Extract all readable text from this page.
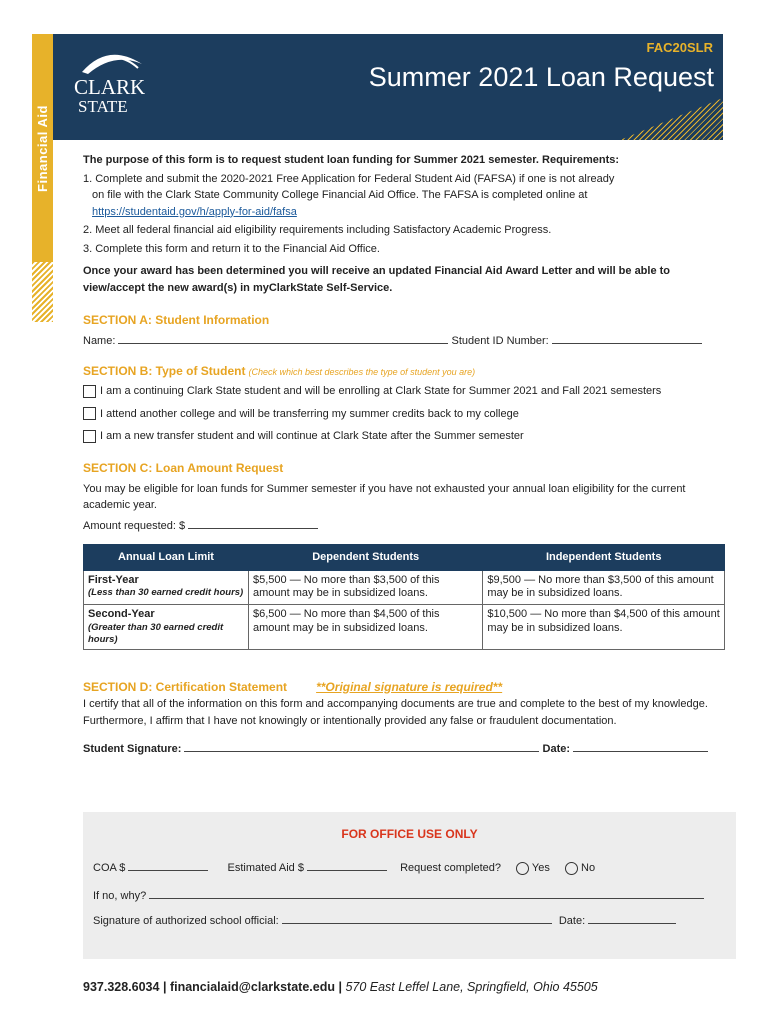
Financial Aid
CLARK
STATE
FAC20SLR
Summer 2021 Loan Request

The purpose of this form is to request student loan funding for Summer 2021 semester. Requirements:

1. Complete and submit the 2020-2021 Free Application for Federal Student Aid (FAFSA) if one is not already

on file with the Clark State Community College Financial Aid Office. The FAFSA is completed online at

https://studentaid.gov/h/apply-for-aid/fafsa

2. Meet all federal financial aid eligibility requirements including Satisfactory Academic Progress.

3. Complete this form and return it to the Financial Aid Office.

Once your award has been determined you will receive an updated Financial Aid Award Letter and will be able to view/accept the new award(s) in myClarkState Self-Service.

SECTION A: Student Information

Name:	Student ID Number:

SECTION B: Type of Student (Check which best describes the type of student you are)

I am a continuing Clark State student and will be enrolling at Clark State for Summer 2021 and Fall 2021 semesters
I attend another college and will be transferring my summer credits back to my college
I am a new transfer student and will continue at Clark State after the Summer semester

SECTION C: Loan Amount Request

You may be eligible for loan funds for Summer semester if you have not exhausted your annual loan eligibility for the current academic year.

Amount requested: $

Annual Loan Limit	Dependent Students	Independent Students

First-Year
(Less than 30 earned credit hours)	$5,500 — No more than $3,500 of this amount may be in subsidized loans.	$9,500 — No more than $3,500 of this amount may be in subsidized loans.

Second-Year
(Greater than 30 earned credit hours)	$6,500 — No more than $4,500 of this amount may be in subsidized loans.	$10,500 — No more than $4,500 of this amount may be in subsidized loans.

SECTION D: Certification Statement **Original signature is required**

I certify that all of the information on this form and accompanying documents are true and complete to the best of my knowledge. Furthermore, I affirm that I have not knowingly or intentionally provided any false or fraudulent documentation.

Student Signature:	Date:

FOR OFFICE USE ONLY

COA $	Estimated Aid $	Request completed?	Yes	No

If no, why?

Signature of authorized school official:	Date:

937.328.6034 | financialaid@clarkstate.edu | 570 East Leffel Lane, Springfield, Ohio 45505
